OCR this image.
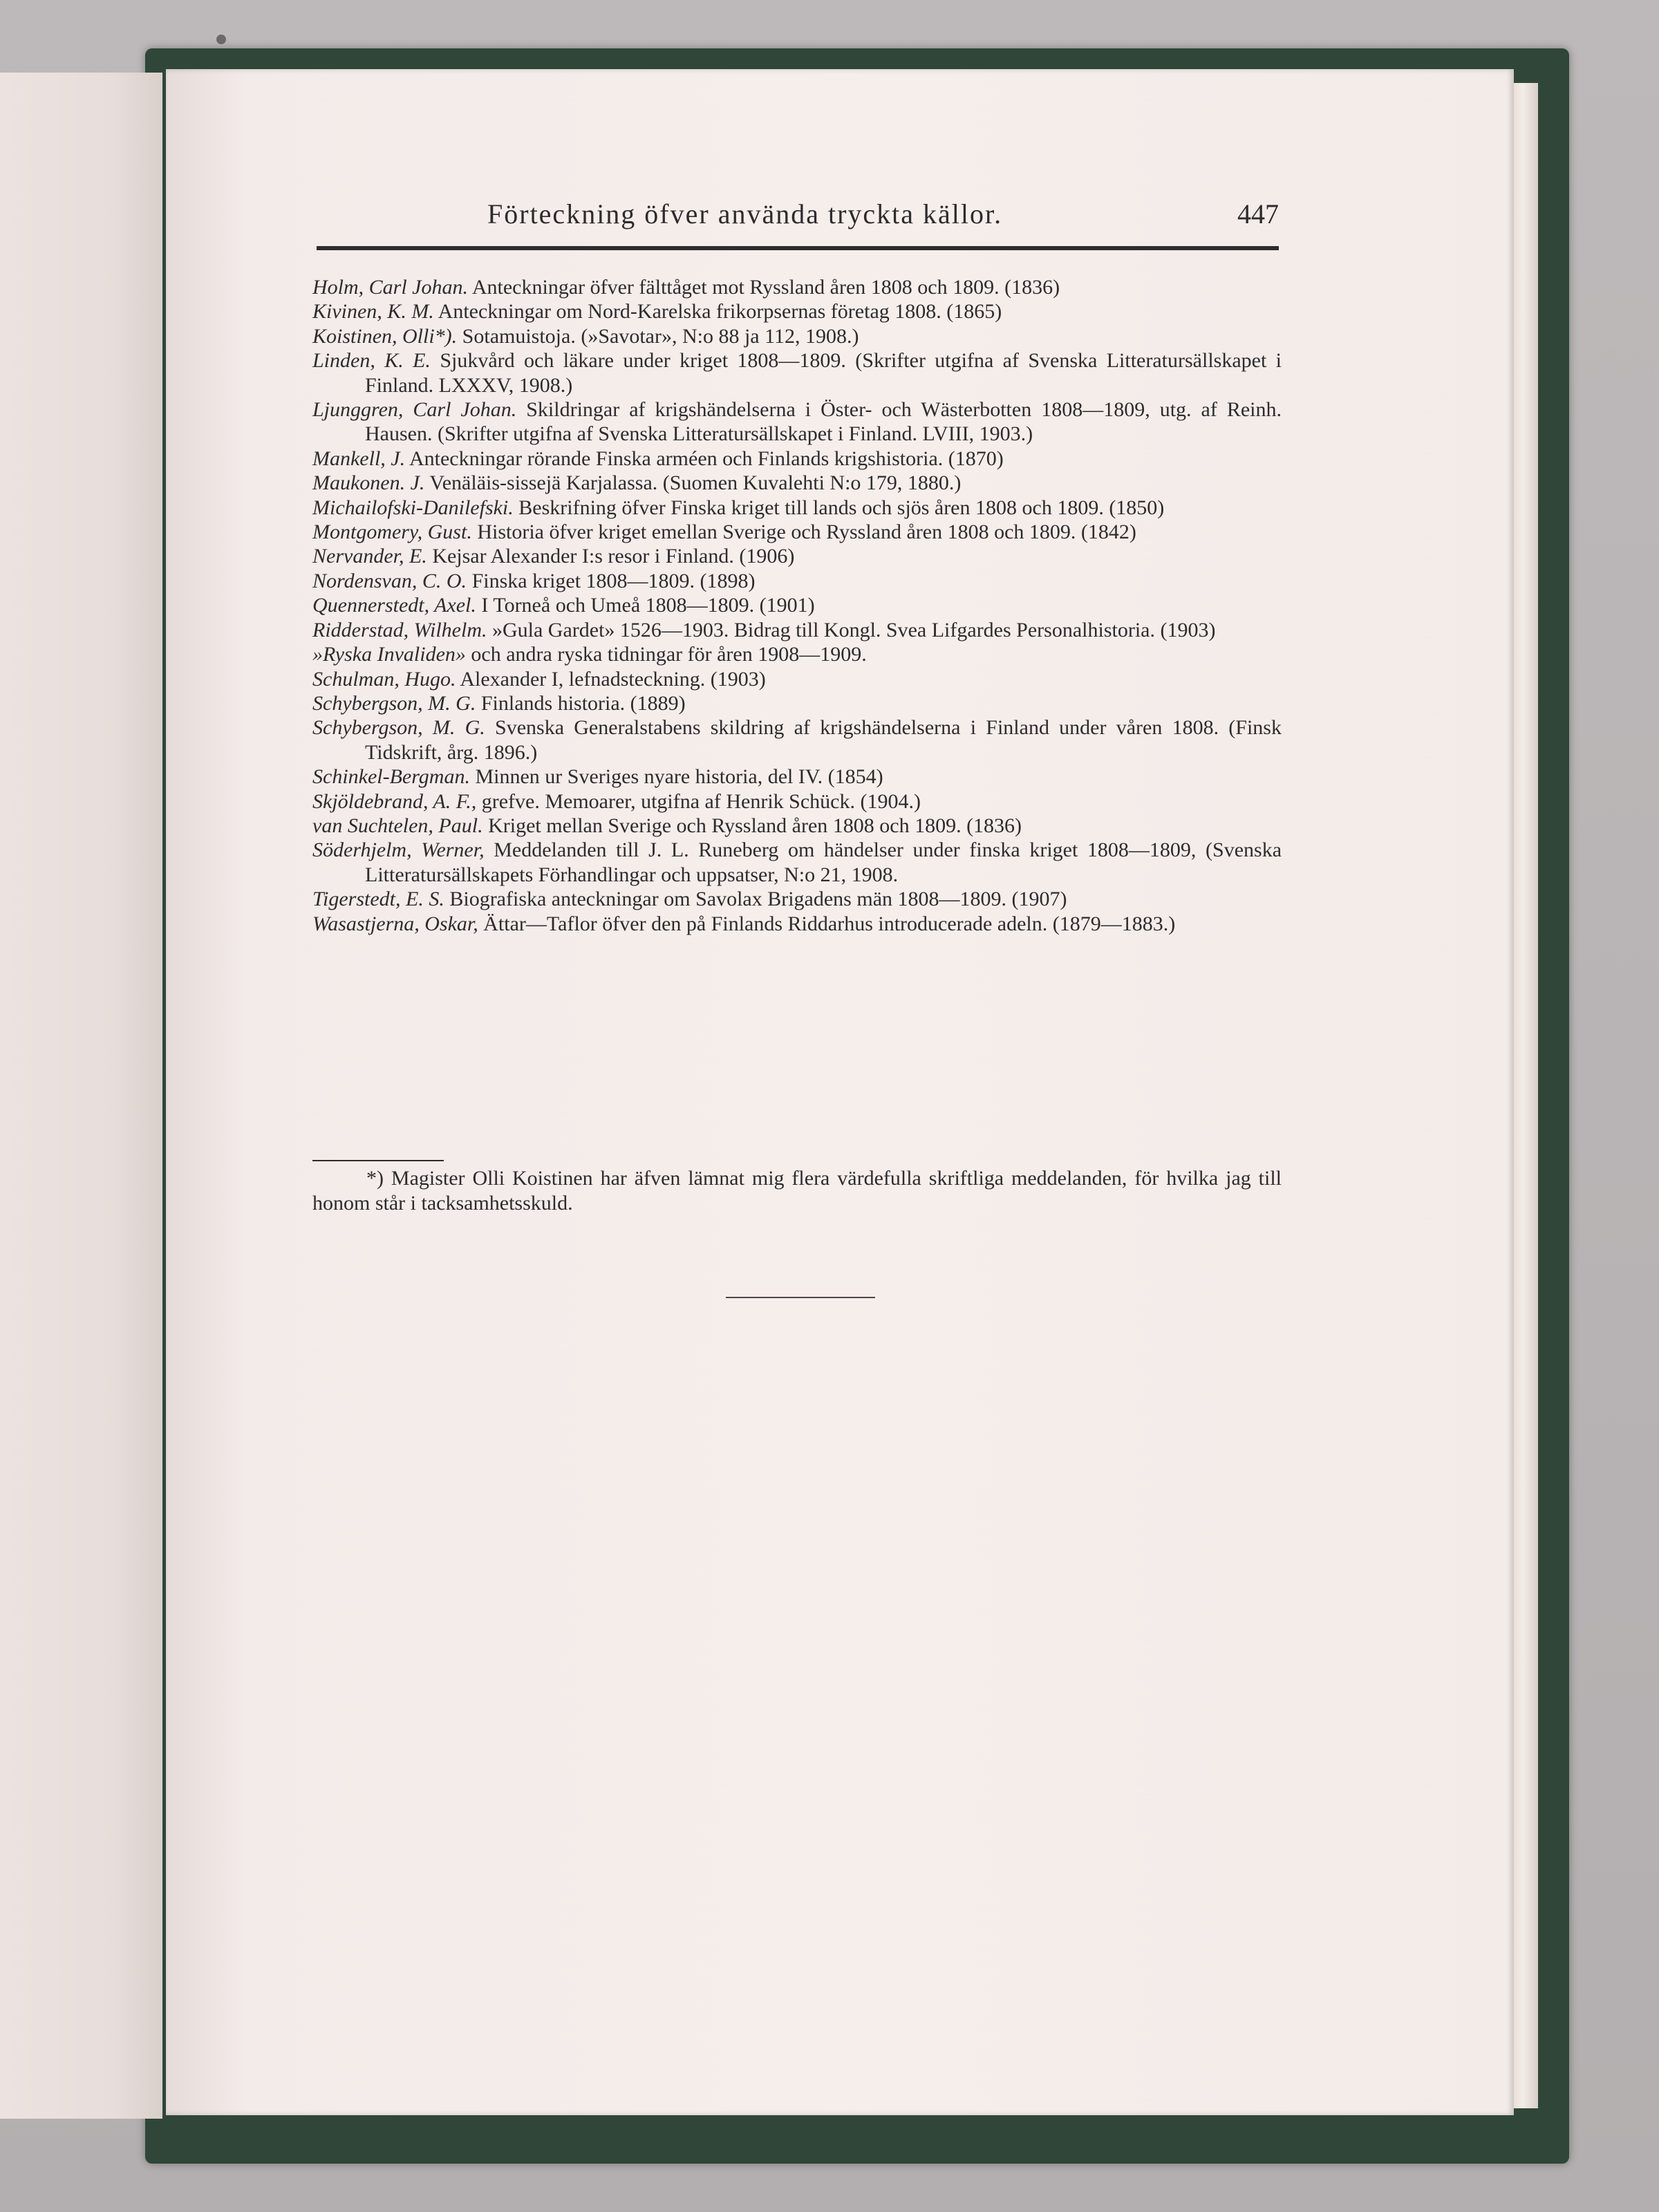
Förteckning öfver använda tryckta källor.	447

Holm, Carl Johan. Anteckningar öfver fälttåget mot Ryssland åren 1808 och 1809. (1836)

Kivinen, K. M. Anteckningar om Nord-Karelska frikorpsernas företag 1808. (1865)

Koistinen, Olli*). Sotamuistoja. (»Savotar», N:o 88 ja 112, 1908.)

Linden, K. E. Sjukvård och läkare under kriget 1808—1809. (Skrifter utgifna af Svenska Litteratursällskapet i Finland. LXXXV, 1908.)

Ljunggren, Carl Johan. Skildringar af krigshändelserna i Öster- och Wästerbotten 1808—1809, utg. af Reinh. Hausen. (Skrifter utgifna af Svenska Litteratursällskapet i Finland. LVIII, 1903.)

Mankell, J. Anteckningar rörande Finska arméen och Finlands krigshistoria. (1870)

Maukonen. J. Venäläis-sissejä Karjalassa. (Suomen Kuvalehti N:o 179, 1880.)

Michailofski-Danilefski. Beskrifning öfver Finska kriget till lands och sjös åren 1808 och 1809. (1850)

Montgomery, Gust. Historia öfver kriget emellan Sverige och Ryssland åren 1808 och 1809. (1842)

Nervander, E. Kejsar Alexander I:s resor i Finland. (1906)

Nordensvan, C. O. Finska kriget 1808—1809. (1898)

Quennerstedt, Axel. I Torneå och Umeå 1808—1809. (1901)

Ridderstad, Wilhelm. »Gula Gardet» 1526—1903. Bidrag till Kongl. Svea Lifgardes Personalhistoria. (1903)

»Ryska Invaliden» och andra ryska tidningar för åren 1908—1909.

Schulman, Hugo. Alexander I, lefnadsteckning. (1903)

Schybergson, M. G. Finlands historia. (1889)

Schybergson, M. G. Svenska Generalstabens skildring af krigshändelserna i Finland under våren 1808. (Finsk Tidskrift, årg. 1896.)

Schinkel-Bergman. Minnen ur Sveriges nyare historia, del IV. (1854)

Skjöldebrand, A. F., grefve. Memoarer, utgifna af Henrik Schück. (1904.)

van Suchtelen, Paul. Kriget mellan Sverige och Ryssland åren 1808 och 1809. (1836)

Söderhjelm, Werner, Meddelanden till J. L. Runeberg om händelser under finska kriget 1808—1809, (Svenska Litteratursällskapets Förhandlingar och uppsatser, N:o 21, 1908.

Tigerstedt, E. S. Biografiska anteckningar om Savolax Brigadens män 1808—1809. (1907)

Wasastjerna, Oskar, Ättar—Taflor öfver den på Finlands Riddarhus introducerade adeln. (1879—1883.)

*) Magister Olli Koistinen har äfven lämnat mig flera värdefulla skriftliga meddelanden, för hvilka jag till honom står i tacksamhetsskuld.
